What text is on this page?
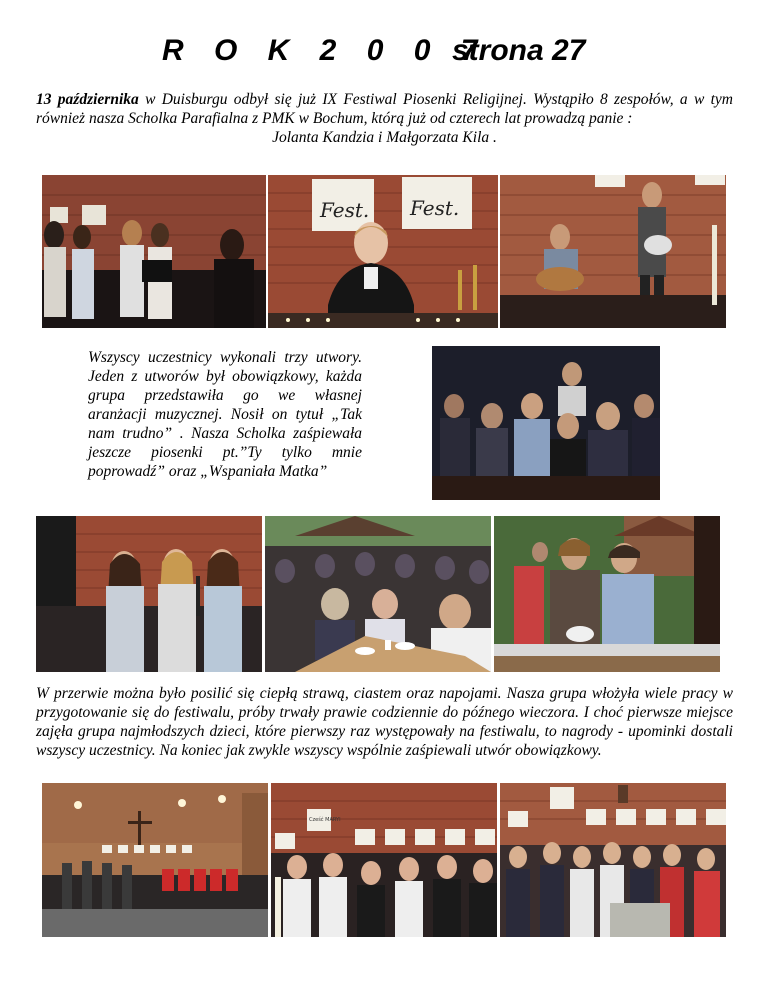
R O K 2 0 0 7
strona 27

13 października w Duisburgu odbył się już IX Festiwal Piosenki Religijnej. Wystąpiło 8 zespołów, a w tym również nasza Scholka Parafialna z PMK w Bochum, którą już od czterech lat prowadzą panie :
Jolanta Kandzia i Małgorzata Kila .

Fest. Fest.

Wszyscy uczestnicy wykonali trzy utwory. Jeden z utworów był obowiązkowy, każda grupa przedstawiła go we własnej aranżacji muzycznej. Nosił on tytuł „Tak nam trudno” . Nasza Scholka zaśpiewała jeszcze piosenki pt.”Ty tylko mnie poprowadź” oraz „Wspaniała Matka”

W przerwie można było posilić się ciepłą strawą, ciastem oraz napojami. Nasza grupa włożyła wiele pracy w przygotowanie się do festiwalu, próby trwały prawie codziennie do późnego wieczora. I choć pierwsze miejsce zajęła grupa najmłodszych dzieci, które pierwszy raz występowały na festiwalu, to nagrody - upominki dostali wszyscy uczestnicy. Na koniec jak zwykle wszyscy wspólnie zaśpiewali utwór obowiązkowy.

Cześć MARYI
